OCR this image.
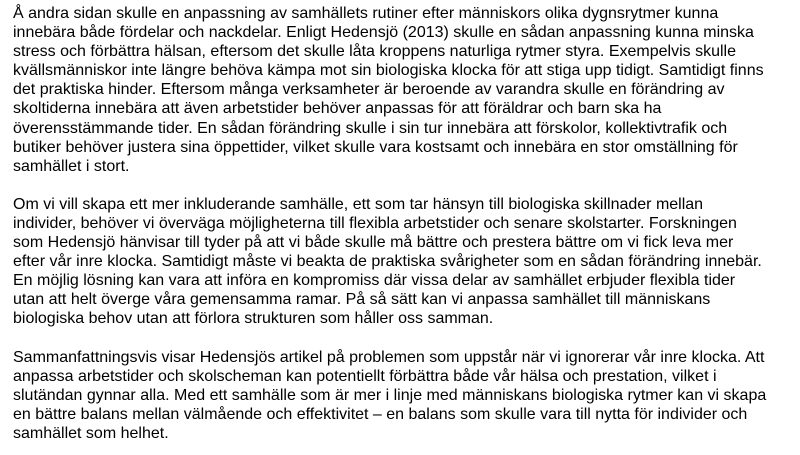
Å andra sidan skulle en anpassning av samhällets rutiner efter människors olika dygnsrytmer kunna
innebära både fördelar och nackdelar. Enligt Hedensjö (2013) skulle en sådan anpassning kunna minska
stress och förbättra hälsan, eftersom det skulle låta kroppens naturliga rytmer styra. Exempelvis skulle
kvällsmänniskor inte längre behöva kämpa mot sin biologiska klocka för att stiga upp tidigt. Samtidigt finns
det praktiska hinder. Eftersom många verksamheter är beroende av varandra skulle en förändring av
skoltiderna innebära att även arbetstider behöver anpassas för att föräldrar och barn ska ha
överensstämmande tider. En sådan förändring skulle i sin tur innebära att förskolor, kollektivtrafik och
butiker behöver justera sina öppettider, vilket skulle vara kostsamt och innebära en stor omställning för
samhället i stort.

Om vi vill skapa ett mer inkluderande samhälle, ett som tar hänsyn till biologiska skillnader mellan
individer, behöver vi överväga möjligheterna till flexibla arbetstider och senare skolstarter. Forskningen
som Hedensjö hänvisar till tyder på att vi både skulle må bättre och prestera bättre om vi fick leva mer
efter vår inre klocka. Samtidigt måste vi beakta de praktiska svårigheter som en sådan förändring innebär.
En möjlig lösning kan vara att införa en kompromiss där vissa delar av samhället erbjuder flexibla tider
utan att helt överge våra gemensamma ramar. På så sätt kan vi anpassa samhället till människans
biologiska behov utan att förlora strukturen som håller oss samman.

Sammanfattningsvis visar Hedensjös artikel på problemen som uppstår när vi ignorerar vår inre klocka. Att
anpassa arbetstider och skolscheman kan potentiellt förbättra både vår hälsa och prestation, vilket i
slutändan gynnar alla. Med ett samhälle som är mer i linje med människans biologiska rytmer kan vi skapa
en bättre balans mellan välmående och effektivitet – en balans som skulle vara till nytta för individer och
samhället som helhet.
